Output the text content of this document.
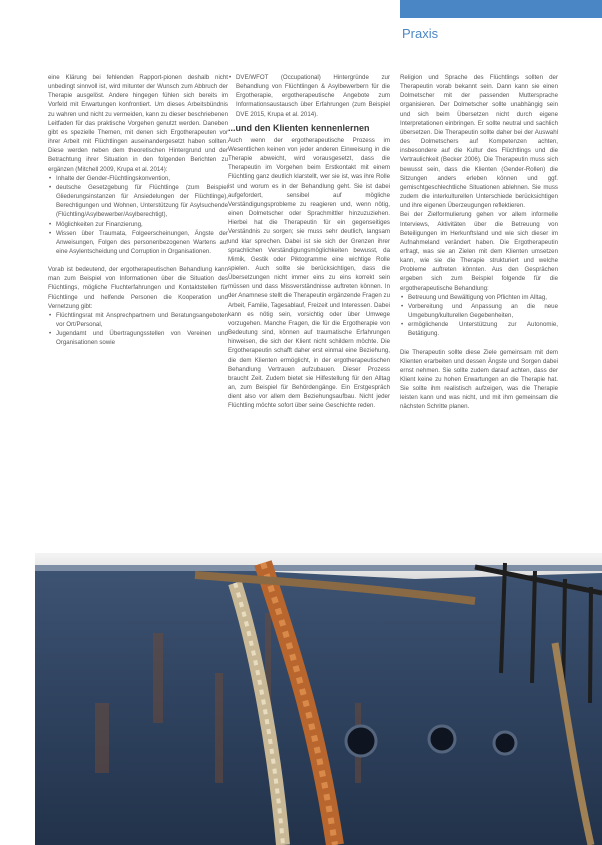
Praxis

eine Klärung bei fehlenden Rapport-pionen deshalb nicht unbedingt sinnvoll ist, wird mitunter der Wunsch zum Abbruch der Therapie ausgelöst. Andere hingegen fühlen sich bereits im Vorfeld mit Erwartungen konfrontiert. Um dieses Arbeitsbündnis zu wahren und nicht zu vermeiden, kann zu dieser beschriebenen Leitfaden für das praktische Vorgehen genutzt werden. Daneben gibt es spezielle Themen, mit denen sich Ergotherapeuten vor ihrer Arbeit mit Flüchtlingen auseinandergesetzt haben sollten. Diese werden neben dem theoretischen Hintergrund und der Betrachtung ihrer Situation in den folgenden Berichten zu ergänzen (Mitchell 2009, Krupa et al. 2014):

• Inhalte der Gender-Flüchtlingskonvention,
• deutsche Gesetzgebung für Flüchtlinge (zum Beispiel Gliederungsinstanzen für Ansiedelungen der Flüchtlinge), Berechtigungen und Wohnen, Unterstützung für Asylsuchende (Flüchtling/Asylbewerber/Asylberechtigt),
• Möglichkeiten zur Finanzierung,
• Wissen über Traumata, Folgeerscheinungen, Ängste der Anweisungen, Folgen des personenbezogenen Wartens auf eine Asylentscheidung und Corruption in Organisationen.

Vorab ist bedeutend, der ergotherapeutischen Behandlung kann man zum Beispiel von Informationen über die Situation des Flüchtlings, mögliche Fluchterfahrungen und Kontaktstellen für Flüchtlinge und helfende Personen die Kooperation und Vernetzung gibt:

• Flüchtlingsrat mit Ansprechpartnern und Beratungsangeboten vor Ort/Personal,
• Jugendamt und Übertragungsstellen von Vereinen und Organisationen sowie
• DVE/WFOT (Occupational) Hintergründe zur Behandlung von Flüchtlingen & Asylbewerbern für die Ergotherapie, ergotherapeutische Angebote zum Informationsaustausch über Erfahrungen (zum Beispiel DVE 2015, Krupa et al. 2014).
...und den Klienten kennenlernen

Auch wenn der ergotherapeutische Prozess im Wesentlichen keinen von jeder anderen Einweisung in die Therapie abweicht, wird vorausgesetzt, dass die Therapeutin im Vorgehen beim Erstkontakt mit einem Flüchtling ganz deutlich klarstellt, wer sie ist, was ihre Rolle ist und worum es in der Behandlung geht. Sie ist dabei aufgefordert, sensibel auf mögliche Verständigungsprobleme zu reagieren und, wenn nötig, einen Dolmetscher oder Sprachmittler hinzuzuziehen. Hierbei hat die Therapeutin für ein gegenseitiges Verständnis zu sorgen; sie muss sehr deutlich, langsam und klar sprechen. Dabei ist sie sich der Grenzen ihrer sprachlichen Verständigungsmöglichkeiten bewusst, da Mimik, Gestik oder Piktogramme eine wichtige Rolle spielen. Auch sollte sie berücksichtigen, dass die Übersetzungen nicht immer eins zu eins korrekt sein müssen und dass Missverständnisse auftreten können. In der Anamnese stellt die Therapeutin ergänzende Fragen zu Arbeit, Familie, Tagesablauf, Freizeit und Interessen. Dabei kann es nötig sein, vorsichtig oder über Umwege vorzugehen. Manche Fragen, die für die Ergotherapie von Bedeutung sind, können auf traumatische Erfahrungen hinweisen, die sich der Klient nicht schildern möchte. Die Ergotherapeutin schafft daher erst einmal eine Beziehung, die dem Klienten ermöglicht, in der ergotherapeutischen Behandlung Vertrauen aufzubauen. Dieser Prozess braucht Zeit. Zudem bietet sie Hilfestellung für den Alltag an, zum Beispiel für Behördengänge. Ein Erstgespräch dient also vor allem dem Beziehungsaufbau. Nicht jeder Flüchtling möchte sofort über seine Geschichte reden.

Religion und Sprache des Flüchtlings sollten der Therapeutin vorab bekannt sein. Dann kann sie einen Dolmetscher mit der passenden Muttersprache organisieren. Der Dolmetscher sollte unabhängig sein und sich beim Übersetzen nicht durch eigene Interpretationen einbringen. Er sollte neutral und sachlich übersetzen. Die Therapeutin sollte daher bei der Auswahl des Dolmetschers auf Kompetenzen achten, insbesondere auf die Kultur des Flüchtlings und die Vertraulichkeit (Becker 2006). Die Therapeutin muss sich bewusst sein, dass die Klienten (Gender-Rollen) die Sitzungen anders erleben können und ggf. gemischtgeschlechtliche Situationen ablehnen. Sie muss zudem die interkulturellen Unterschiede berücksichtigen und ihre eigenen Überzeugungen reflektieren.

Bei der Zielformulierung gehen vor allem informelle Interviews, Aktivitäten über die Betreuung von Beteiligungen im Herkunftsland und wie sich dieser im Aufnahmeland verändert haben. Die Ergotherapeutin erfragt, was sie an Zielen mit dem Klienten umsetzen kann, wie sie die Therapie strukturiert und welche Probleme auftreten könnten. Aus den Gesprächen ergeben sich zum Beispiel folgende für die ergotherapeutische Behandlung:

• Betreuung und Bewältigung von Pflichten im Alltag,
• Vorbereitung und Anpassung an die neue Umgebung/kulturellen Gegebenheiten,
• ermöglichende Unterstützung zur Autonomie, Betätigung.

Die Therapeutin sollte diese Ziele gemeinsam mit dem Klienten erarbeiten und dessen Ängste und Sorgen dabei ernst nehmen. Sie sollte zudem darauf achten, dass der Klient keine zu hohen Erwartungen an die Therapie hat. Sie sollte ihm realistisch aufzeigen, was die Therapie leisten kann und was nicht, und mit ihm gemeinsam die nächsten Schritte planen.
